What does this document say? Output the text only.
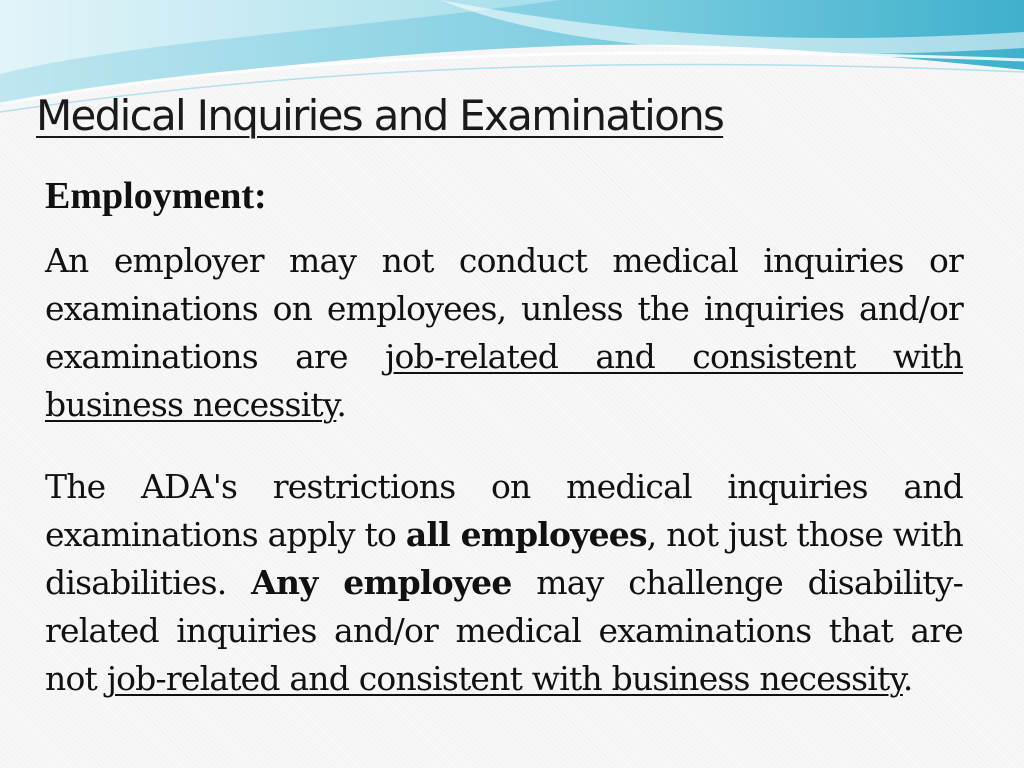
Medical Inquiries and Examinations

Employment:

An employer may not conduct medical inquiries or examinations on employees, unless the inquiries and/or examinations are job-related and consistent with business necessity.

The ADA's restrictions on medical inquiries and examinations apply to all employees, not just those with disabilities. Any employee may challenge disability-related inquiries and/or medical examinations that are not job-related and consistent with business necessity.
